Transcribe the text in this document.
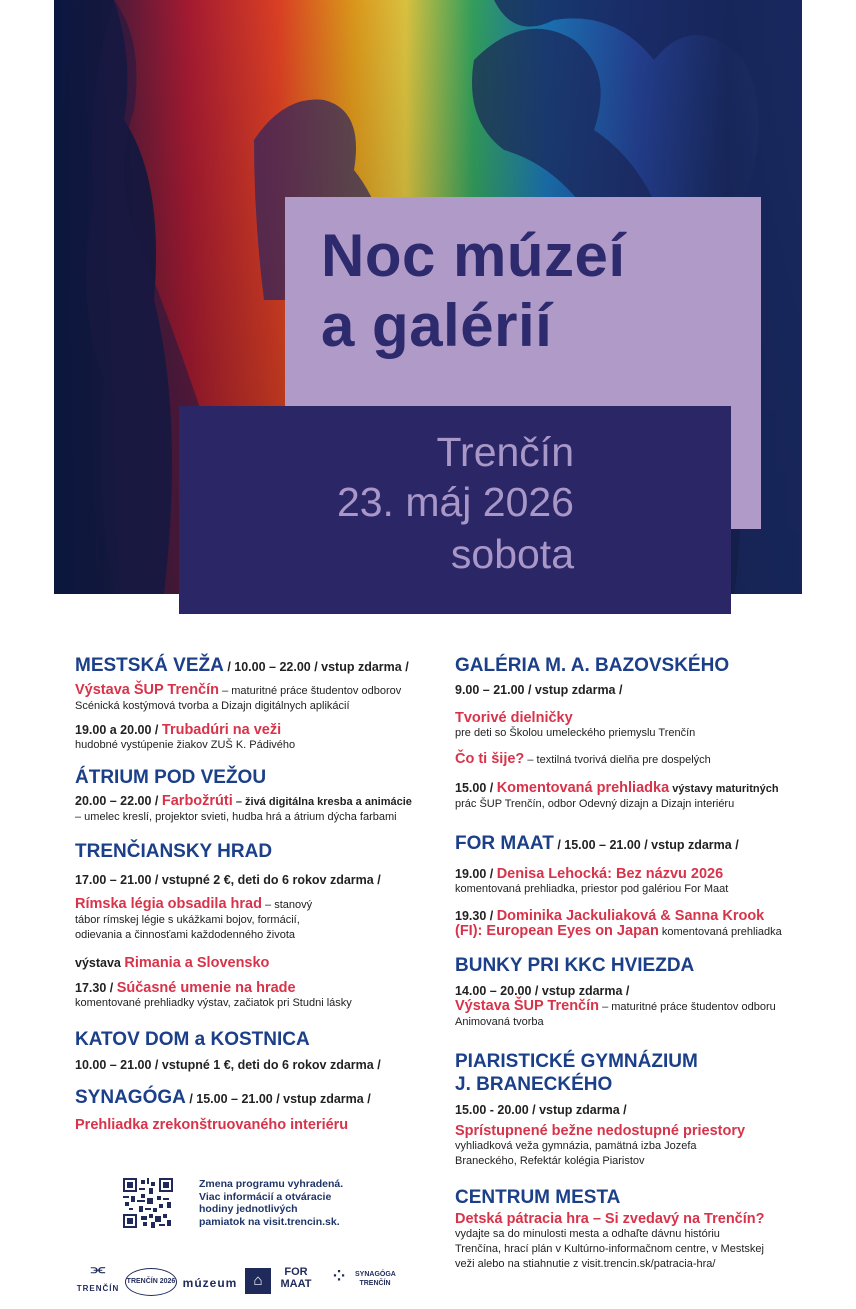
Noc múzeí
a galérií
Trenčín
23. máj 2026
sobota
MESTSKÁ VEŽA / 10.00 – 22.00 / vstup zdarma /
Výstava ŠUP Trenčín – maturitné práce študentov odborov
Scénická kostýmová tvorba a Dizajn digitálnych aplikácií
19.00 a 20.00 / Trubadúri na veži
hudobné vystúpenie žiakov ZUŠ K. Pádivého
ÁTRIUM POD VEŽOU
20.00 – 22.00 / Farbožrúti – živá digitálna kresba a animácie
– umelec kreslí, projektor svieti, hudba hrá a átrium dýcha farbami
TRENČIANSKY HRAD
17.00 – 21.00 / vstupné 2 €, deti do 6 rokov zdarma /
Rímska légia obsadila hrad – stanový
tábor rímskej légie s ukážkami bojov, formácií,
odievania a činnosťami každodenného života
výstava Rimania a Slovensko
17.30 / Súčasné umenie na hrade
komentované prehliadky výstav, začiatok pri Studni lásky
KATOV DOM a KOSTNICA
10.00 – 21.00 / vstupné 1 €, deti do 6 rokov zdarma /
SYNAGÓGA / 15.00 – 21.00 / vstup zdarma /
Prehliadka zrekonštruovaného interiéru
GALÉRIA M. A. BAZOVSKÉHO
9.00 – 21.00 / vstup zdarma /
Tvorivé dielničky
pre deti so Školou umeleckého priemyslu Trenčín
Čo ti šije? – textilná tvorivá dielňa pre dospelých
15.00 / Komentovaná prehliadka výstavy maturitných
prác ŠUP Trenčín, odbor Odevný dizajn a Dizajn interiéru
FOR MAAT / 15.00 – 21.00 / vstup zdarma /
19.00 / Denisa Lehocká: Bez názvu 2026
komentovaná prehliadka, priestor pod galériou For Maat
19.30 / Dominika Jackuliaková & Sanna Krook
(FI): European Eyes on Japan komentovaná prehliadka
BUNKY PRI KKC HVIEZDA
14.00 – 20.00 / vstup zdarma /
Výstava ŠUP Trenčín – maturitné práce študentov odboru
Animovaná tvorba
PIARISTICKÉ GYMNÁZIUM
J. BRANECKÉHO
15.00 - 20.00 / vstup zdarma /
Sprístupnené bežne nedostupné priestory
vyhliadková veža gymnázia, pamätná izba Jozefa
Braneckého, Refektár kolégia Piaristov
CENTRUM MESTA
Detská pátracia hra – Si zvedavý na Trenčín?
vydajte sa do minulosti mesta a odhaľte dávnu históriu
Trenčína, hrací plán v Kultúrno-informačnom centre, v Mestskej
veži alebo na stiahnutie z visit.trencin.sk/patracia-hra/
Zmena programu vyhradená.
Viac informácií a otváracie
hodiny jednotlivých
pamiatok na visit.trencin.sk.
⫘
TRENČÍN
TRENČÍN 2026 múzeum	⌂	FOR
MAAT	⁘	SYNAGÓGA TRENČÍN
